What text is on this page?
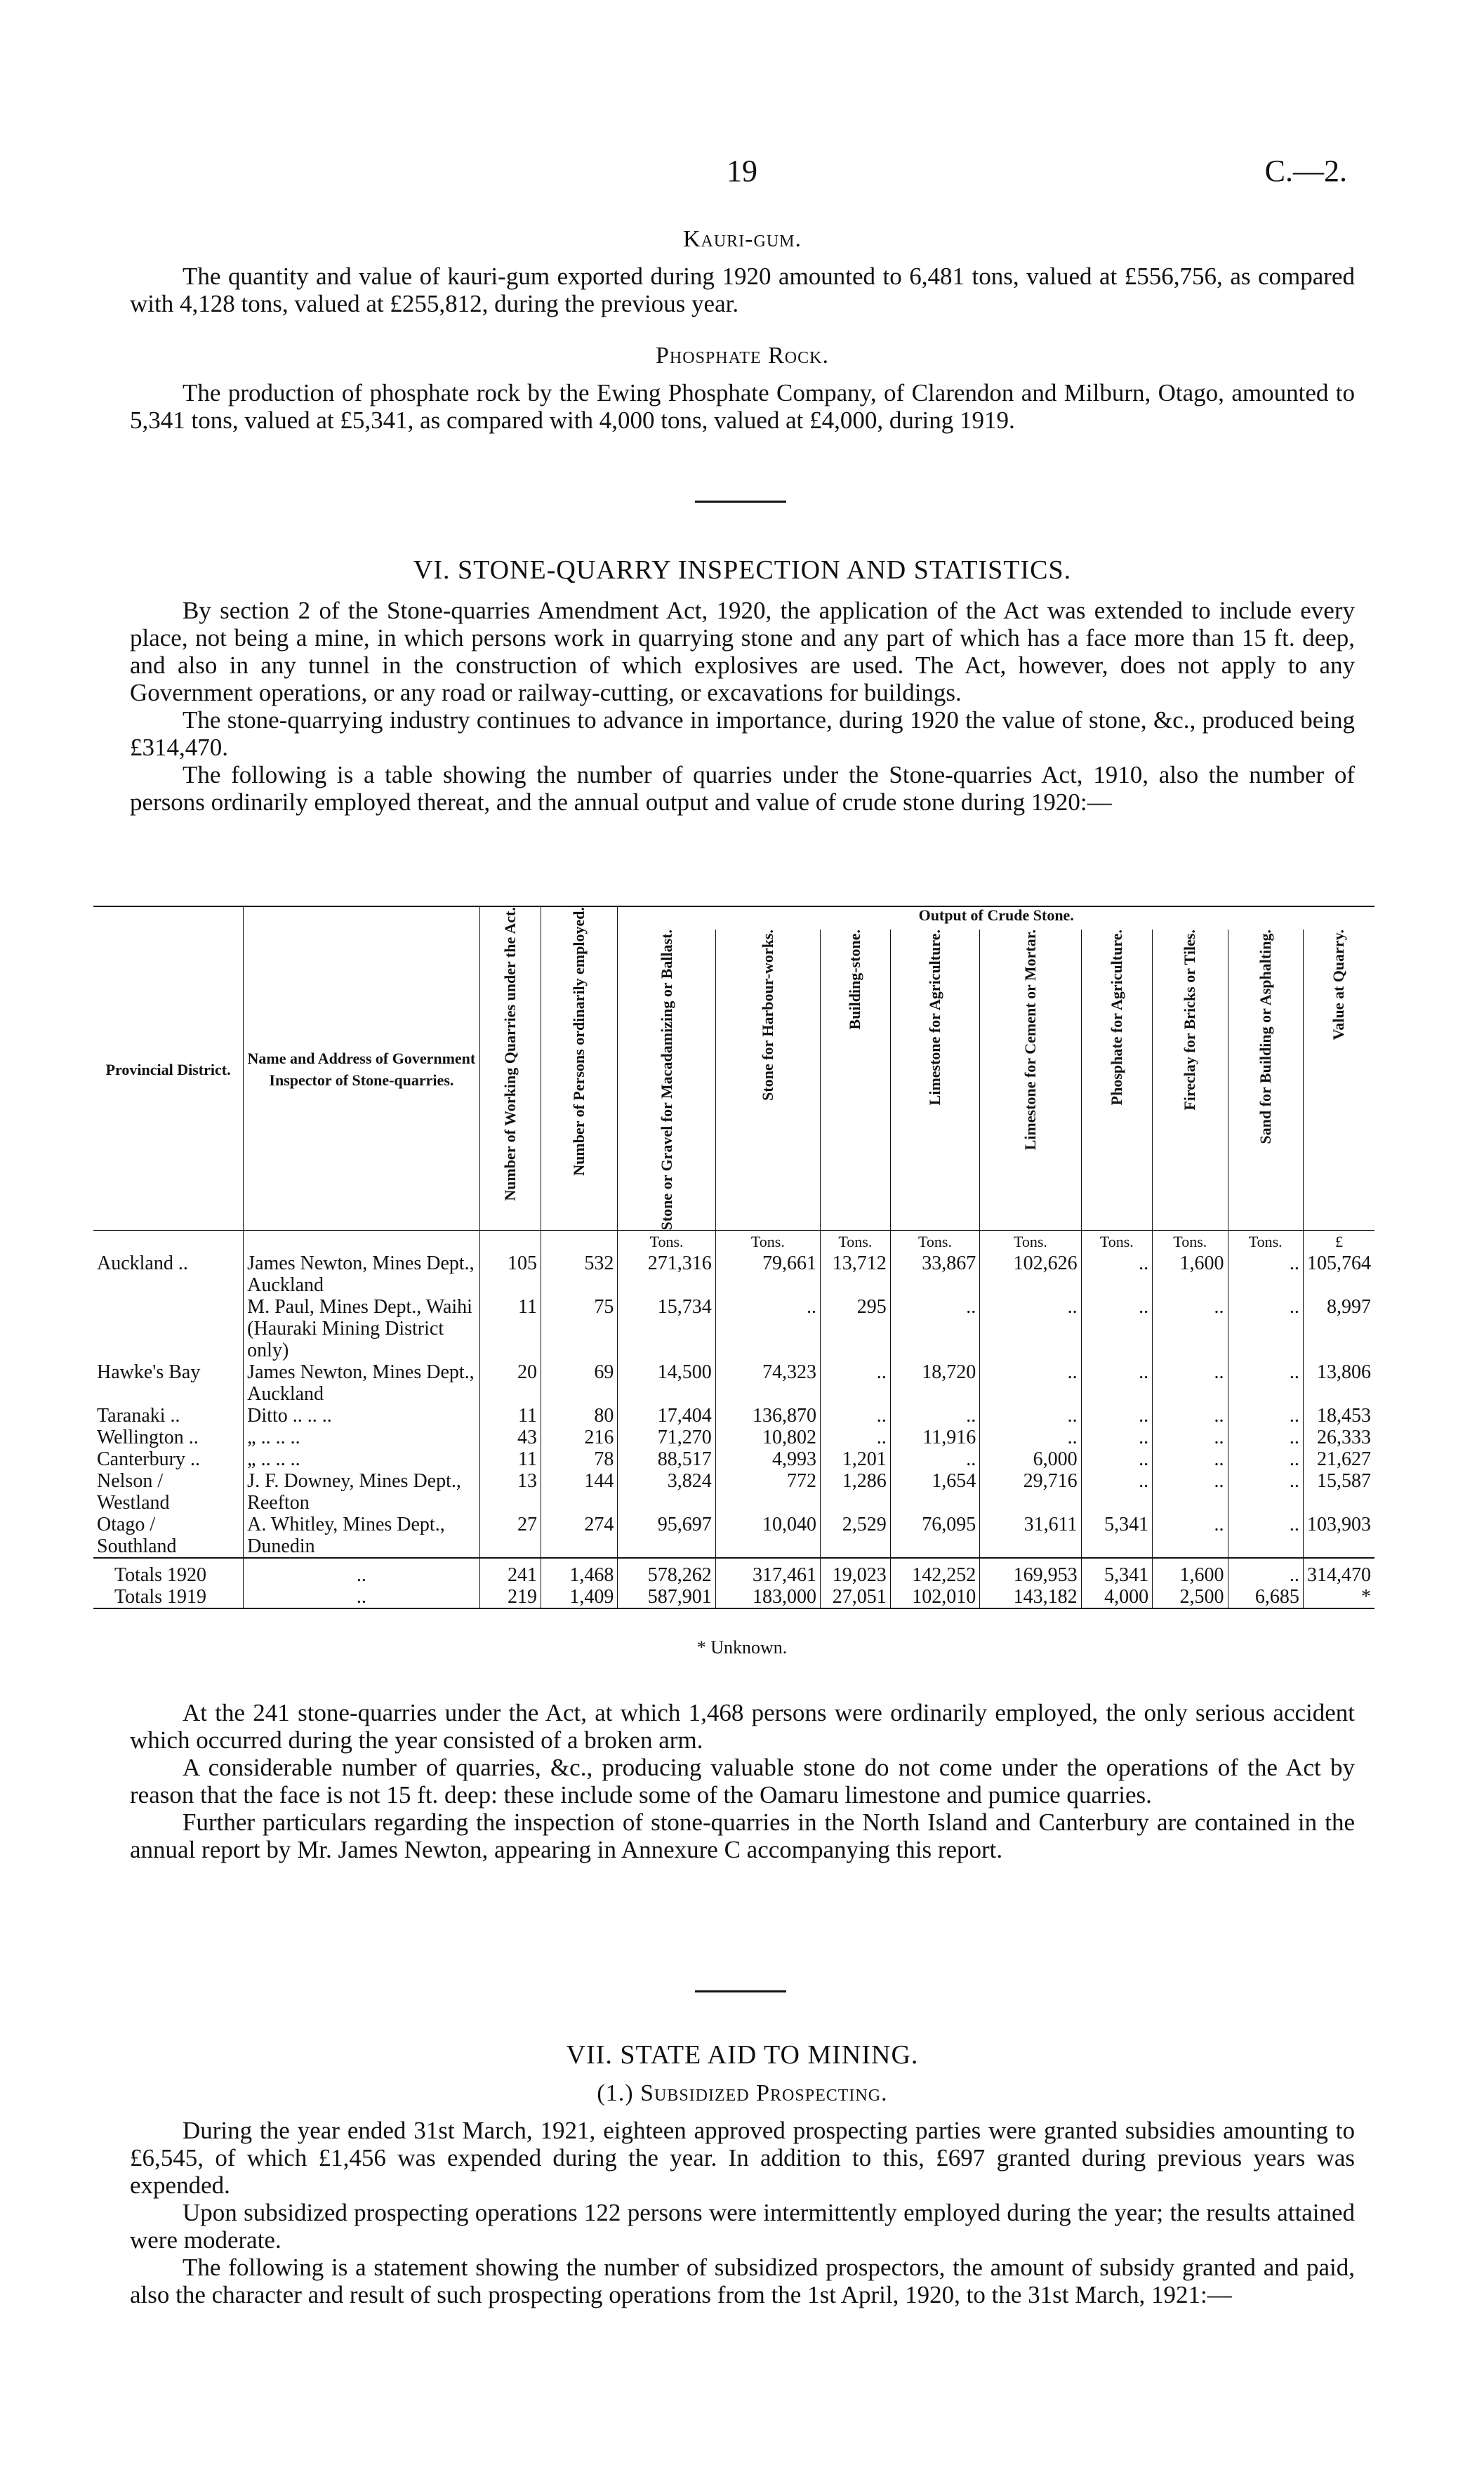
19	C.—2.

Kauri-gum.

The quantity and value of kauri-gum exported during 1920 amounted to 6,481 tons, valued at £556,756, as compared with 4,128 tons, valued at £255,812, during the previous year.

Phosphate Rock.

The production of phosphate rock by the Ewing Phosphate Company, of Clarendon and Milburn, Otago, amounted to 5,341 tons, valued at £5,341, as compared with 4,000 tons, valued at £4,000, during 1919.

VI. STONE-QUARRY INSPECTION AND STATISTICS.

By section 2 of the Stone-quarries Amendment Act, 1920, the application of the Act was extended to include every place, not being a mine, in which persons work in quarrying stone and any part of which has a face more than 15 ft. deep, and also in any tunnel in the construction of which explosives are used. The Act, however, does not apply to any Government operations, or any road or railway-cutting, or excavations for buildings.

The stone-quarrying industry continues to advance in importance, during 1920 the value of stone, &c., produced being £314,470.

The following is a table showing the number of quarries under the Stone-quarries Act, 1910, also the number of persons ordinarily employed thereat, and the annual output and value of crude stone during 1920:—

Provincial District.	Name and Address of Government Inspector of Stone-quarries.	Number of Working Quarries under the Act.	Number of Persons ordinarily employed.	Output of Crude Stone.								

				Stone or Gravel for Macadamizing or Ballast.	Stone for Harbour-works.	Building-stone.	Limestone for Agriculture.	Limestone for Cement or Mortar.	Phosphate for Agriculture.	Fireclay for Bricks or Tiles.	Sand for Building or Asphalting.	Value at Quarry.

				Tons.	Tons.	Tons.	Tons.	Tons.	Tons.	Tons.	Tons.	£
Auckland ..	James Newton, Mines Dept., Auckland	105	532	271,316	79,661	13,712	33,867	102,626	..	1,600	..	105,764
	M. Paul, Mines Dept., Waihi (Hauraki Mining District only)	11	75	15,734	..	295	..	..	..	..	..	8,997
Hawke's Bay	James Newton, Mines Dept., Auckland	20	69	14,500	74,323	..	18,720	..	..	..	..	13,806
Taranaki ..	Ditto .. .. ..	11	80	17,404	136,870	..	..	..	..	..	..	18,453
Wellington ..	„ .. .. ..	43	216	71,270	10,802	..	11,916	..	..	..	..	26,333
Canterbury ..	„ .. .. ..	11	78	88,517	4,993	1,201	..	6,000	..	..	..	21,627
Nelson / Westland	J. F. Downey, Mines Dept., Reefton	13	144	3,824	772	1,286	1,654	29,716	..	..	..	15,587
Otago / Southland	A. Whitley, Mines Dept., Dunedin	27	274	95,697	10,040	2,529	76,095	31,611	5,341	..	..	103,903
Totals 1920	..	241	1,468	578,262	317,461	19,023	142,252	169,953	5,341	1,600	..	314,470
Totals 1919	..	219	1,409	587,901	183,000	27,051	102,010	143,182	4,000	2,500	6,685	*
* Unknown.

At the 241 stone-quarries under the Act, at which 1,468 persons were ordinarily employed, the only serious accident which occurred during the year consisted of a broken arm.

A considerable number of quarries, &c., producing valuable stone do not come under the operations of the Act by reason that the face is not 15 ft. deep: these include some of the Oamaru limestone and pumice quarries.

Further particulars regarding the inspection of stone-quarries in the North Island and Canterbury are contained in the annual report by Mr. James Newton, appearing in Annexure C accompanying this report.

VII. STATE AID TO MINING.

(1.) Subsidized Prospecting.

During the year ended 31st March, 1921, eighteen approved prospecting parties were granted subsidies amounting to £6,545, of which £1,456 was expended during the year. In addition to this, £697 granted during previous years was expended.

Upon subsidized prospecting operations 122 persons were intermittently employed during the year; the results attained were moderate.

The following is a statement showing the number of subsidized prospectors, the amount of subsidy granted and paid, also the character and result of such prospecting operations from the 1st April, 1920, to the 31st March, 1921:—
